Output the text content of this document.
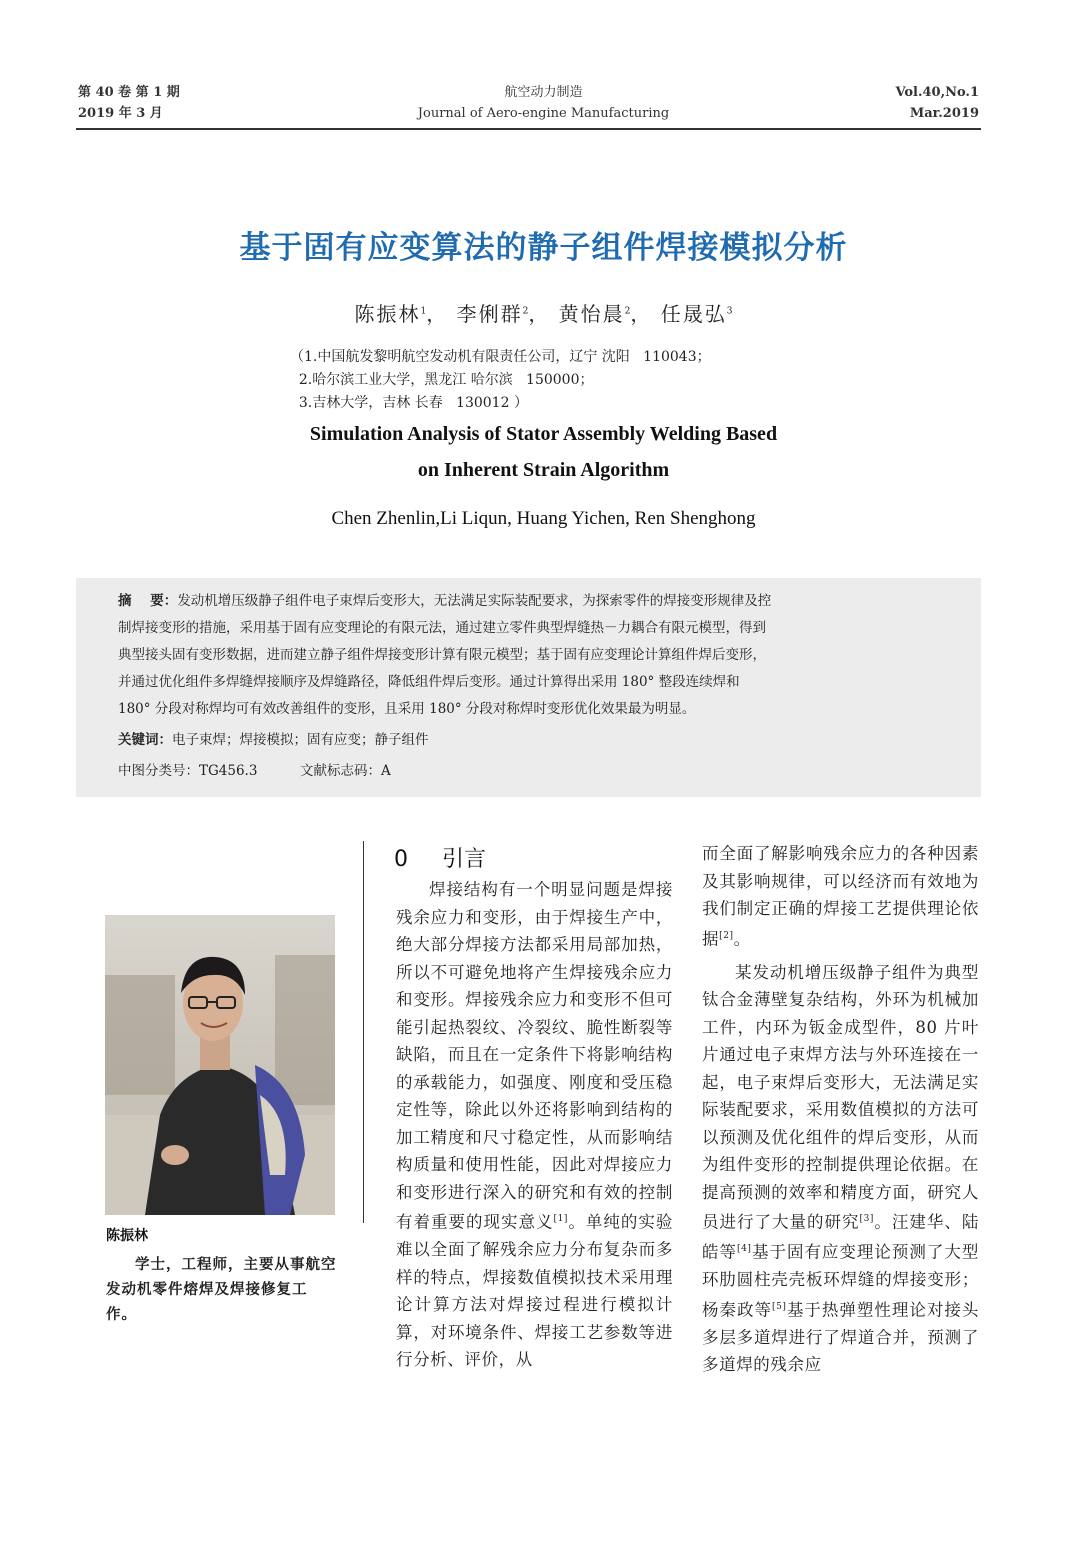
第 40 卷 第 1 期
2019 年 3 月
航空动力制造
Journal of Aero-engine Manufacturing
Vol.40,No.1
Mar.2019
基于固有应变算法的静子组件焊接模拟分析
陈振林$^1$， 李俐群$^2$， 黄怡晨$^2$， 任晟弘$^3$
（1.中国航发黎明航空发动机有限责任公司，辽宁 沈阳   110043；
2.哈尔滨工业大学，黑龙江 哈尔滨   150000；
3.吉林大学，吉林 长春   130012 ）
Simulation Analysis of Stator Assembly Welding Based
on Inherent Strain Algorithm
Chen Zhenlin,Li Liqun, Huang Yichen, Ren Shenghong
摘    要：发动机增压级静子组件电子束焊后变形大，无法满足实际装配要求，为探索零件的焊接变形规律及控
制焊接变形的措施，采用基于固有应变理论的有限元法，通过建立零件典型焊缝热－力耦合有限元模型，得到
典型接头固有变形数据，进而建立静子组件焊接变形计算有限元模型；基于固有应变理论计算组件焊后变形，
并通过优化组件多焊缝焊接顺序及焊缝路径，降低组件焊后变形。通过计算得出采用 180° 整段连续焊和
180° 分段对称焊均可有效改善组件的变形，且采用 180° 分段对称焊时变形优化效果最为明显。
关键词：电子束焊；焊接模拟；固有应变；静子组件
中图分类号：TG456.3	文献标志码：A
陈振林
学士，工程师，主要从事航空发动机零件熔焊及焊接修复工作。
0 引言
焊接结构有一个明显问题是焊接残余应力和变形，由于焊接生产中，绝大部分焊接方法都采用局部加热，所以不可避免地将产生焊接残余应力和变形。焊接残余应力和变形不但可能引起热裂纹、冷裂纹、脆性断裂等缺陷，而且在一定条件下将影响结构的承载能力，如强度、刚度和受压稳定性等，除此以外还将影响到结构的加工精度和尺寸稳定性，从而影响结构质量和使用性能，因此对焊接应力和变形进行深入的研究和有效的控制有着重要的现实意义[1]。单纯的实验难以全面了解残余应力分布复杂而多样的特点，焊接数值模拟技术采用理论计算方法对焊接过程进行模拟计算，对环境条件、焊接工艺参数等进行分析、评价，从
而全面了解影响残余应力的各种因素及其影响规律，可以经济而有效地为我们制定正确的焊接工艺提供理论依据[2]。
某发动机增压级静子组件为典型钛合金薄壁复杂结构，外环为机械加工件，内环为钣金成型件，80 片叶片通过电子束焊方法与外环连接在一起，电子束焊后变形大，无法满足实际装配要求，采用数值模拟的方法可以预测及优化组件的焊后变形，从而为组件变形的控制提供理论依据。在提高预测的效率和精度方面，研究人员进行了大量的研究[3]。汪建华、陆皓等[4]基于固有应变理论预测了大型环肋圆柱壳壳板环焊缝的焊接变形；杨秦政等[5]基于热弹塑性理论对接头多层多道焊进行了焊道合并，预测了多道焊的残余应
